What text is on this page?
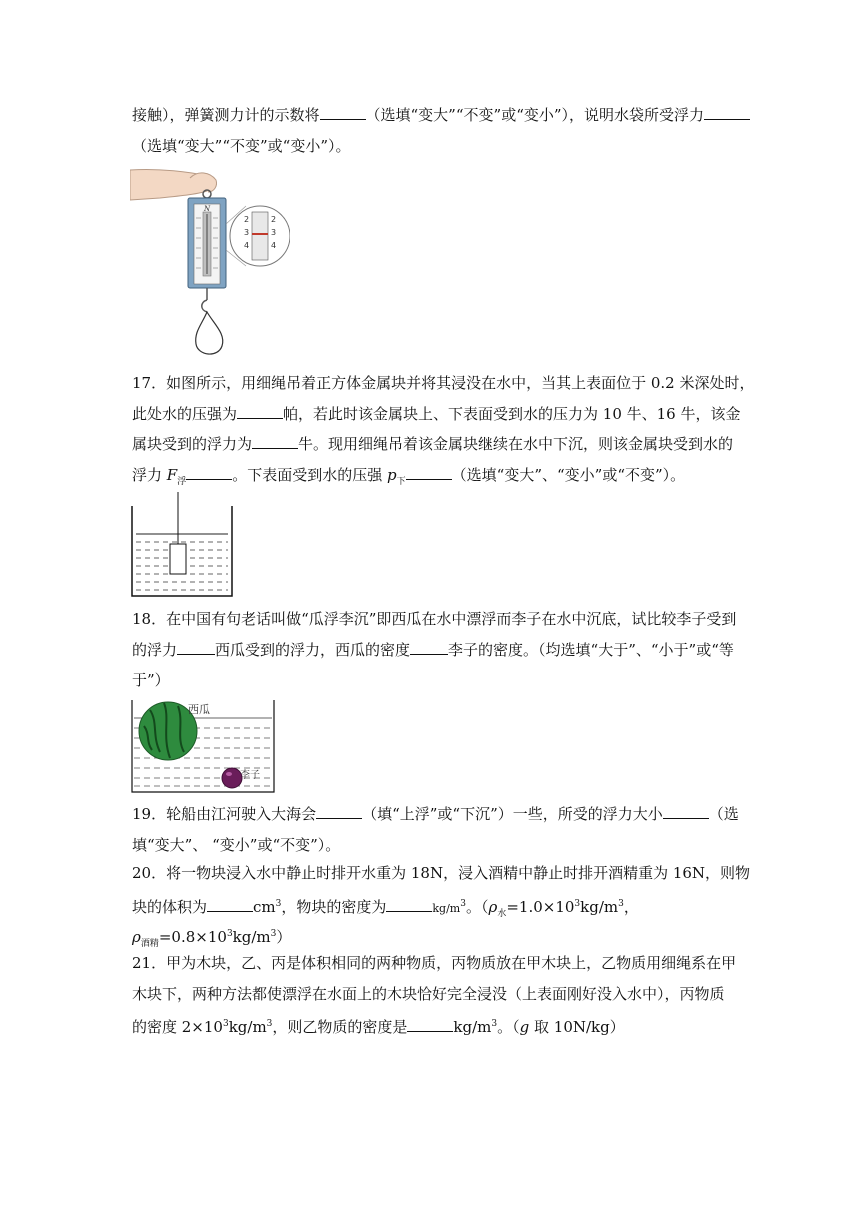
接触），弹簧测力计的示数将	（选填“变大”“不变”或“变小”），说明水袋所受浮力
（选填“变大”“不变”或“变小”）。
N
2
3
4
2
3
4
17．如图所示，用细绳吊着正方体金属块并将其浸没在水中，当其上表面位于 0.2 米深处时，
此处水的压强为	帕，若此时该金属块上、下表面受到水的压力为 10 牛、16 牛，该金
属块受到的浮力为	牛。现用细绳吊着该金属块继续在水中下沉，则该金属块受到水的
浮力 $F_浮$	。下表面受到水的压强 $p_下$	（选填“变大”、“变小”或“不变”）。
18．在中国有句老话叫做“瓜浮李沉”即西瓜在水中漂浮而李子在水中沉底，试比较李子受到
的浮力	西瓜受到的浮力，西瓜的密度	李子的密度。（均选填“大于”、“小于”或“等
于”）
西瓜
李子
19．轮船由江河驶入大海会	（填“上浮”或“下沉”）一些，所受的浮力大小	（选
填“变大”、 “变小”或“不变”）。
20．将一物块浸入水中静止时排开水重为 18N，浸入酒精中静止时排开酒精重为 16N，则物
块的体积为	$cm^3$，物块的密度为	$kg/m^3$。（$\rho_水=1.0\times 10^3kg/m^3$，
$\rho_{酒精}=0.8\times 10^3kg/m^3$）
21．甲为木块，乙、丙是体积相同的两种物质，丙物质放在甲木块上，乙物质用细绳系在甲
木块下，两种方法都使漂浮在水面上的木块恰好完全浸没（上表面刚好没入水中），丙物质
的密度 $2\times 10^3kg/m^3$，则乙物质的密度是	$kg/m^3$。（g 取 10N/kg）
